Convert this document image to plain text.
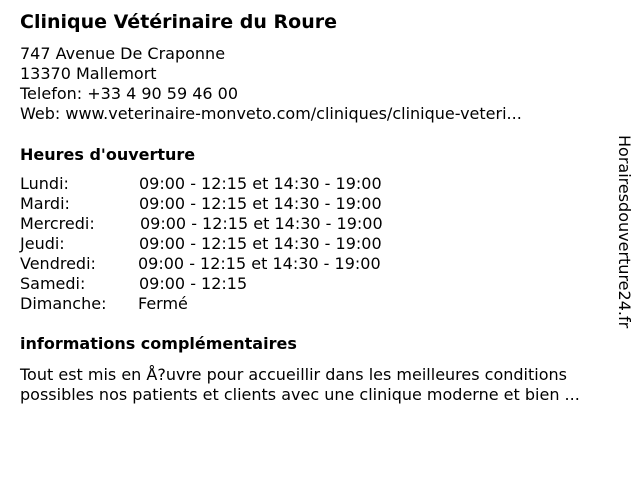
Clinique Vétérinaire du Roure
747 Avenue De Craponne
13370 Mallemort
Telefon: +33 4 90 59 46 00
Web: www.veterinaire-monveto.com/cliniques/clinique-veteri...
Heures d'ouverture
Lundi:	09:00 - 12:15 et 14:30 - 19:00
Mardi:	09:00 - 12:15 et 14:30 - 19:00
Mercredi:	09:00 - 12:15 et 14:30 - 19:00
Jeudi:	09:00 - 12:15 et 14:30 - 19:00
Vendredi:	09:00 - 12:15 et 14:30 - 19:00
Samedi:	09:00 - 12:15
Dimanche: Fermé
informations complémentaires
Tout est mis en Å?uvre pour accueillir dans les meilleures conditions
possibles nos patients et clients avec une clinique moderne et bien ...
Horairesdouverture24.fr
